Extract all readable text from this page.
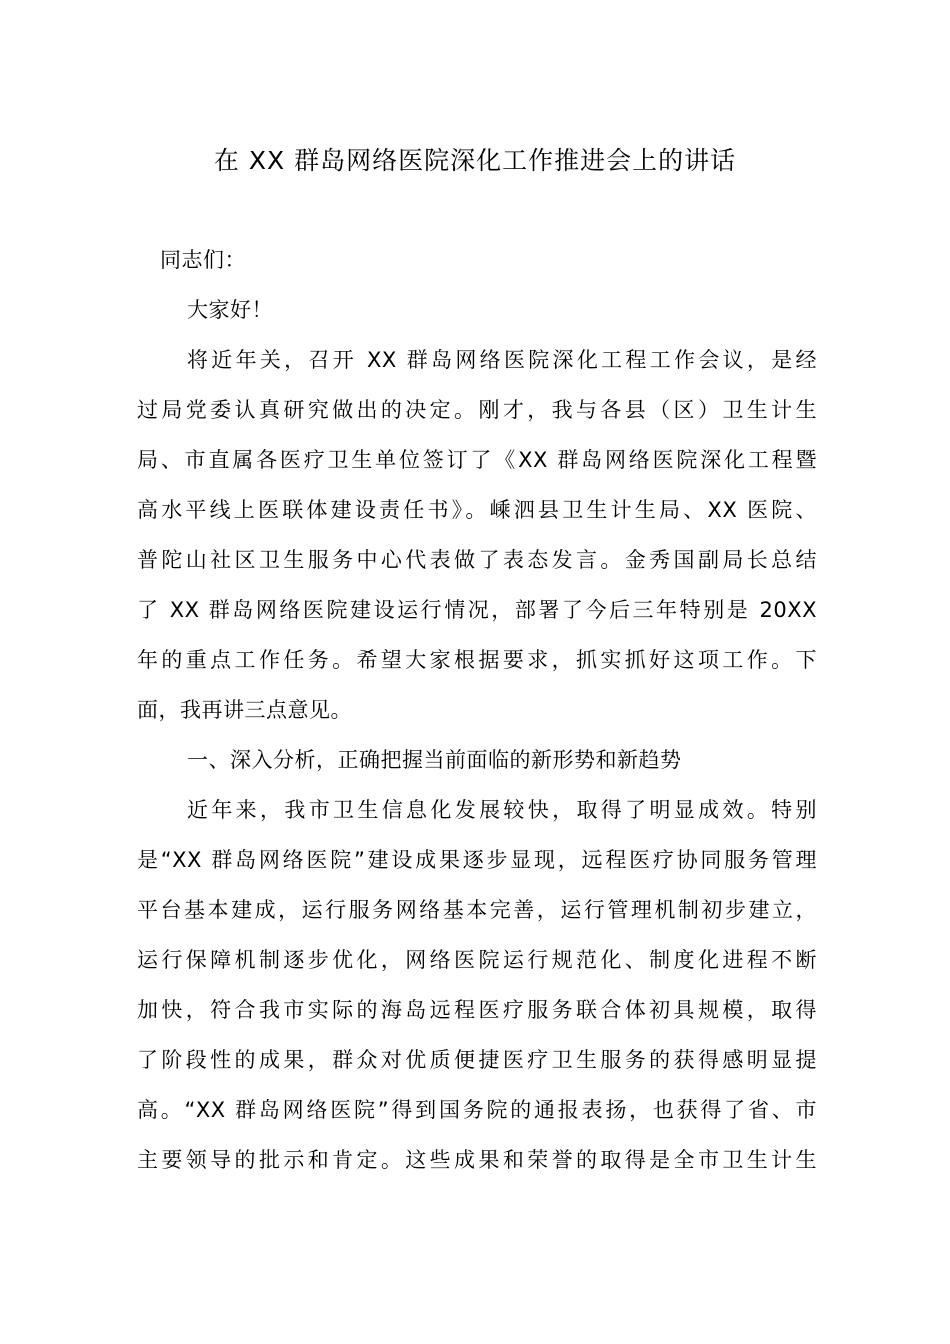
在 XX 群岛网络医院深化工作推进会上的讲话
同志们：
大家好！
将近年关，召开 XX 群岛网络医院深化工程工作会议，是经
过局党委认真研究做出的决定。刚才，我与各县（区）卫生计生
局、市直属各医疗卫生单位签订了《XX 群岛网络医院深化工程暨
高水平线上医联体建设责任书》。嵊泗县卫生计生局、XX 医院、
普陀山社区卫生服务中心代表做了表态发言。金秀国副局长总结
了 XX 群岛网络医院建设运行情况，部署了今后三年特别是 20XX
年的重点工作任务。希望大家根据要求，抓实抓好这项工作。下
面，我再讲三点意见。
一、深入分析，正确把握当前面临的新形势和新趋势
近年来，我市卫生信息化发展较快，取得了明显成效。特别
是“XX 群岛网络医院”建设成果逐步显现，远程医疗协同服务管理
平台基本建成，运行服务网络基本完善，运行管理机制初步建立，
运行保障机制逐步优化，网络医院运行规范化、制度化进程不断
加快，符合我市实际的海岛远程医疗服务联合体初具规模，取得
了阶段性的成果，群众对优质便捷医疗卫生服务的获得感明显提
高。“XX 群岛网络医院”得到国务院的通报表扬，也获得了省、市
主要领导的批示和肯定。这些成果和荣誉的取得是全市卫生计生
